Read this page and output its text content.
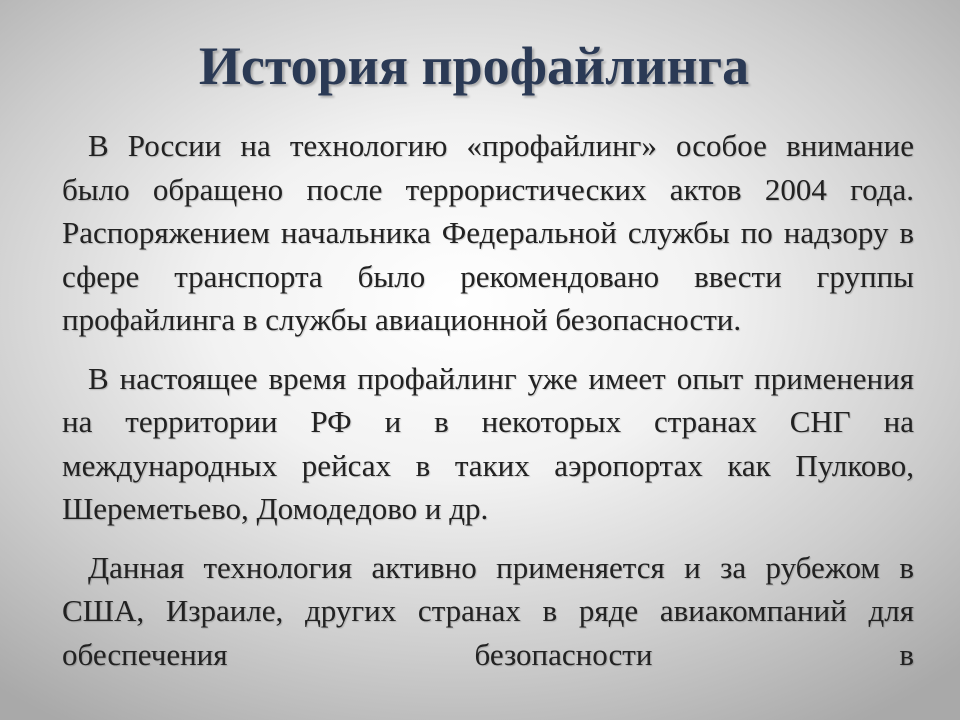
История профайлинга

В России на технологию «профайлинг» особое внимание было обращено после террористических актов 2004 года. Распоряжением начальника Федеральной службы по надзору в сфере транспорта было рекомендовано ввести группы профайлинга в службы авиационной безопасности.

В настоящее время профайлинг уже имеет опыт применения на территории РФ и в некоторых странах СНГ на международных рейсах в таких аэропортах как Пулково, Шереметьево, Домодедово и др.

Данная технология активно применяется и за рубежом в США, Израиле, других странах в ряде авиакомпаний для обеспечения безопасности в
